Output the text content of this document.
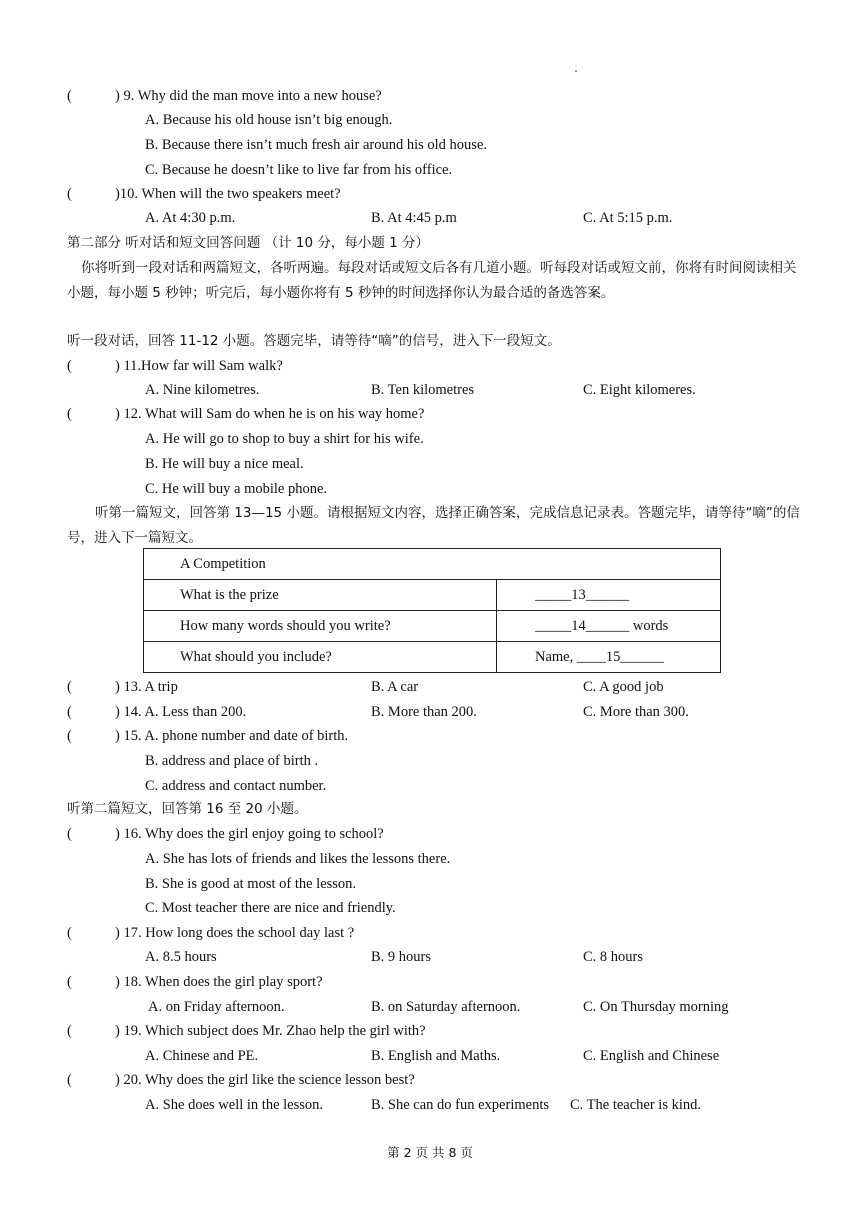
(	) 9. Why did the man move into a new house?
A. Because his old house isn’t big enough.
B. Because there isn’t much fresh air around his old house.
C. Because he doesn’t like to live far from his office.
(	)10. When will the two speakers meet?
A. At 4:30 p.m.	B. At 4:45 p.m	C. At 5:15 p.m.
第二部分 听对话和短文回答问题 （计 10 分，每小题 1 分）
你将听到一段对话和两篇短文，各听两遍。每段对话或短文后各有几道小题。听每段对话或短文前，你将有时间阅读相关小题，每小题 5 秒钟；听完后，每小题你将有 5 秒钟的时间选择你认为最合适的备选答案。
听一段对话，回答 11-12 小题。答题完毕，请等待“嘀”的信号，进入下一段短文。
(	) 11.How far will Sam walk?
A. Nine kilometres.	B. Ten kilometres	C. Eight kilomeres.
(	) 12. What will Sam do when he is on his way home?
A. He will go to shop to buy a shirt for his wife.
B. He will buy a nice meal.
C. He will buy a mobile phone.
听第一篇短文，回答第 13—15 小题。请根据短文内容，选择正确答案，完成信息记录表。答题完毕，请等待“嘀”的信号，进入下一篇短文。
A Competition	
What is the prize	_____13______
How many words should you write?	_____14______ words
What should you include?	Name, ____15______
(	) 13. A trip	B. A car	C. A good job
(	) 14. A. Less than 200.	B. More than 200.	C. More than 300.
(	) 15. A. phone number and date of birth.
B. address and place of birth .
C. address and contact number.
听第二篇短文，回答第 16 至 20 小题。
(	) 16. Why does the girl enjoy going to school?
A. She has lots of friends and likes the lessons there.
B. She is good at most of the lesson.
C. Most teacher there are nice and friendly.
(	) 17. How long does the school day last ?
A. 8.5 hours	B. 9 hours	C. 8 hours
(	) 18. When does the girl play sport?
A. on Friday afternoon.	B. on Saturday afternoon.	C. On Thursday morning
(	) 19. Which subject does Mr. Zhao help the girl with?
A. Chinese and PE.	B. English and Maths.	C. English and Chinese
(	) 20. Why does the girl like the science lesson best?
A. She does well in the lesson.	B. She can do fun experiments C. The teacher is kind.
第 2 页 共 8 页
